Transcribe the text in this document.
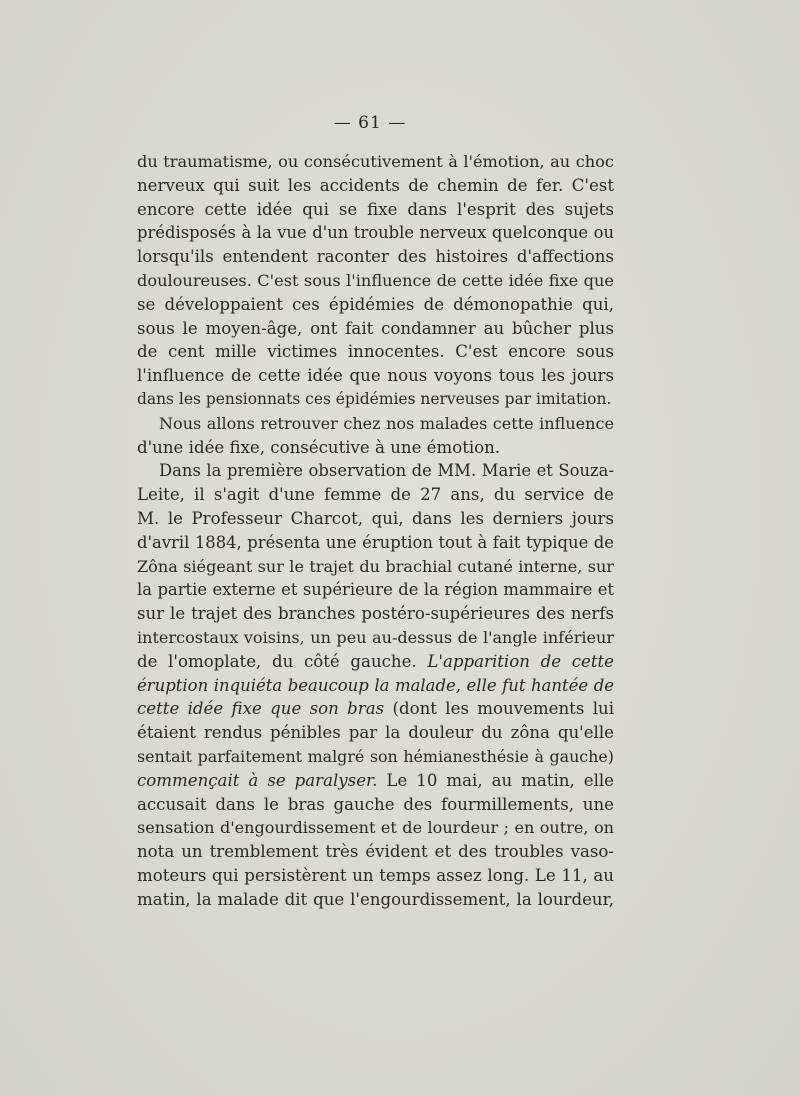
— 61 —
du traumatisme, ou consécutivement à l'émotion, au choc
nerveux qui suit les accidents de chemin de fer. C'est
encore cette idée qui se fixe dans l'esprit des sujets
prédisposés à la vue d'un trouble nerveux quelconque ou
lorsqu'ils entendent raconter des histoires d'affections
douloureuses. C'est sous l'influence de cette idée fixe que
se développaient ces épidémies de démonopathie qui,
sous le moyen-âge, ont fait condamner au bûcher plus
de cent mille victimes innocentes. C'est encore sous
l'influence de cette idée que nous voyons tous les jours
dans les pensionnats ces épidémies nerveuses par imitation.
Nous allons retrouver chez nos malades cette influence
d'une idée fixe, consécutive à une émotion.
Dans la première observation de MM. Marie et Souza-
Leite, il s'agit d'une femme de 27 ans, du service de
M. le Professeur Charcot, qui, dans les derniers jours
d'avril 1884, présenta une éruption tout à fait typique de
Zôna siégeant sur le trajet du brachial cutané interne, sur
la partie externe et supérieure de la région mammaire et
sur le trajet des branches postéro-supérieures des nerfs
intercostaux voisins, un peu au-dessus de l'angle inférieur
de l'omoplate, du côté gauche. L'apparition de cette
éruption inquiéta beaucoup la malade, elle fut hantée de
cette idée fixe que son bras (dont les mouvements lui
étaient rendus pénibles par la douleur du zôna qu'elle
sentait parfaitement malgré son hémianesthésie à gauche)
commençait à se paralyser. Le 10 mai, au matin, elle
accusait dans le bras gauche des fourmillements, une
sensation d'engourdissement et de lourdeur ; en outre, on
nota un tremblement très évident et des troubles vaso-
moteurs qui persistèrent un temps assez long. Le 11, au
matin, la malade dit que l'engourdissement, la lourdeur,
